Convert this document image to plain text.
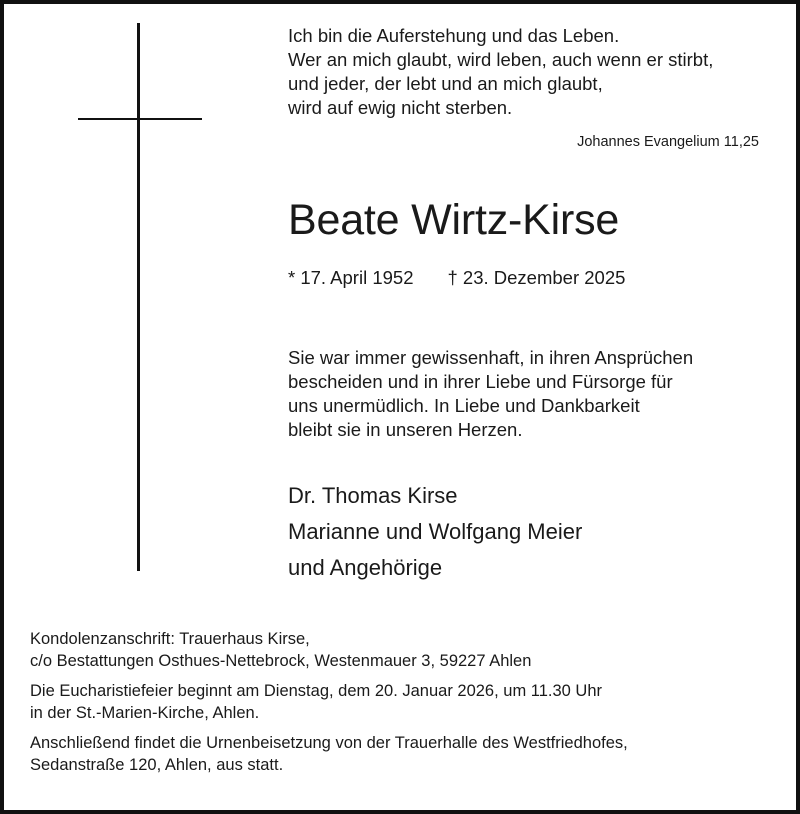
Ich bin die Auferstehung und das Leben.
Wer an mich glaubt, wird leben, auch wenn er stirbt,
und jeder, der lebt und an mich glaubt,
wird auf ewig nicht sterben.
Johannes Evangelium 11,25
Beate Wirtz-Kirse
* 17. April 1952 † 23. Dezember 2025
Sie war immer gewissenhaft, in ihren Ansprüchen
bescheiden und in ihrer Liebe und Fürsorge für
uns unermüdlich. In Liebe und Dankbarkeit
bleibt sie in unseren Herzen.
Dr. Thomas Kirse
Marianne und Wolfgang Meier
und Angehörige
Kondolenzanschrift: Trauerhaus Kirse,
c/o Bestattungen Osthues-Nettebrock, Westenmauer 3, 59227 Ahlen
Die Eucharistiefeier beginnt am Dienstag, dem 20. Januar 2026, um 11.30 Uhr
in der St.-Marien-Kirche, Ahlen.
Anschließend findet die Urnenbeisetzung von der Trauerhalle des Westfriedhofes,
Sedanstraße 120, Ahlen, aus statt.
